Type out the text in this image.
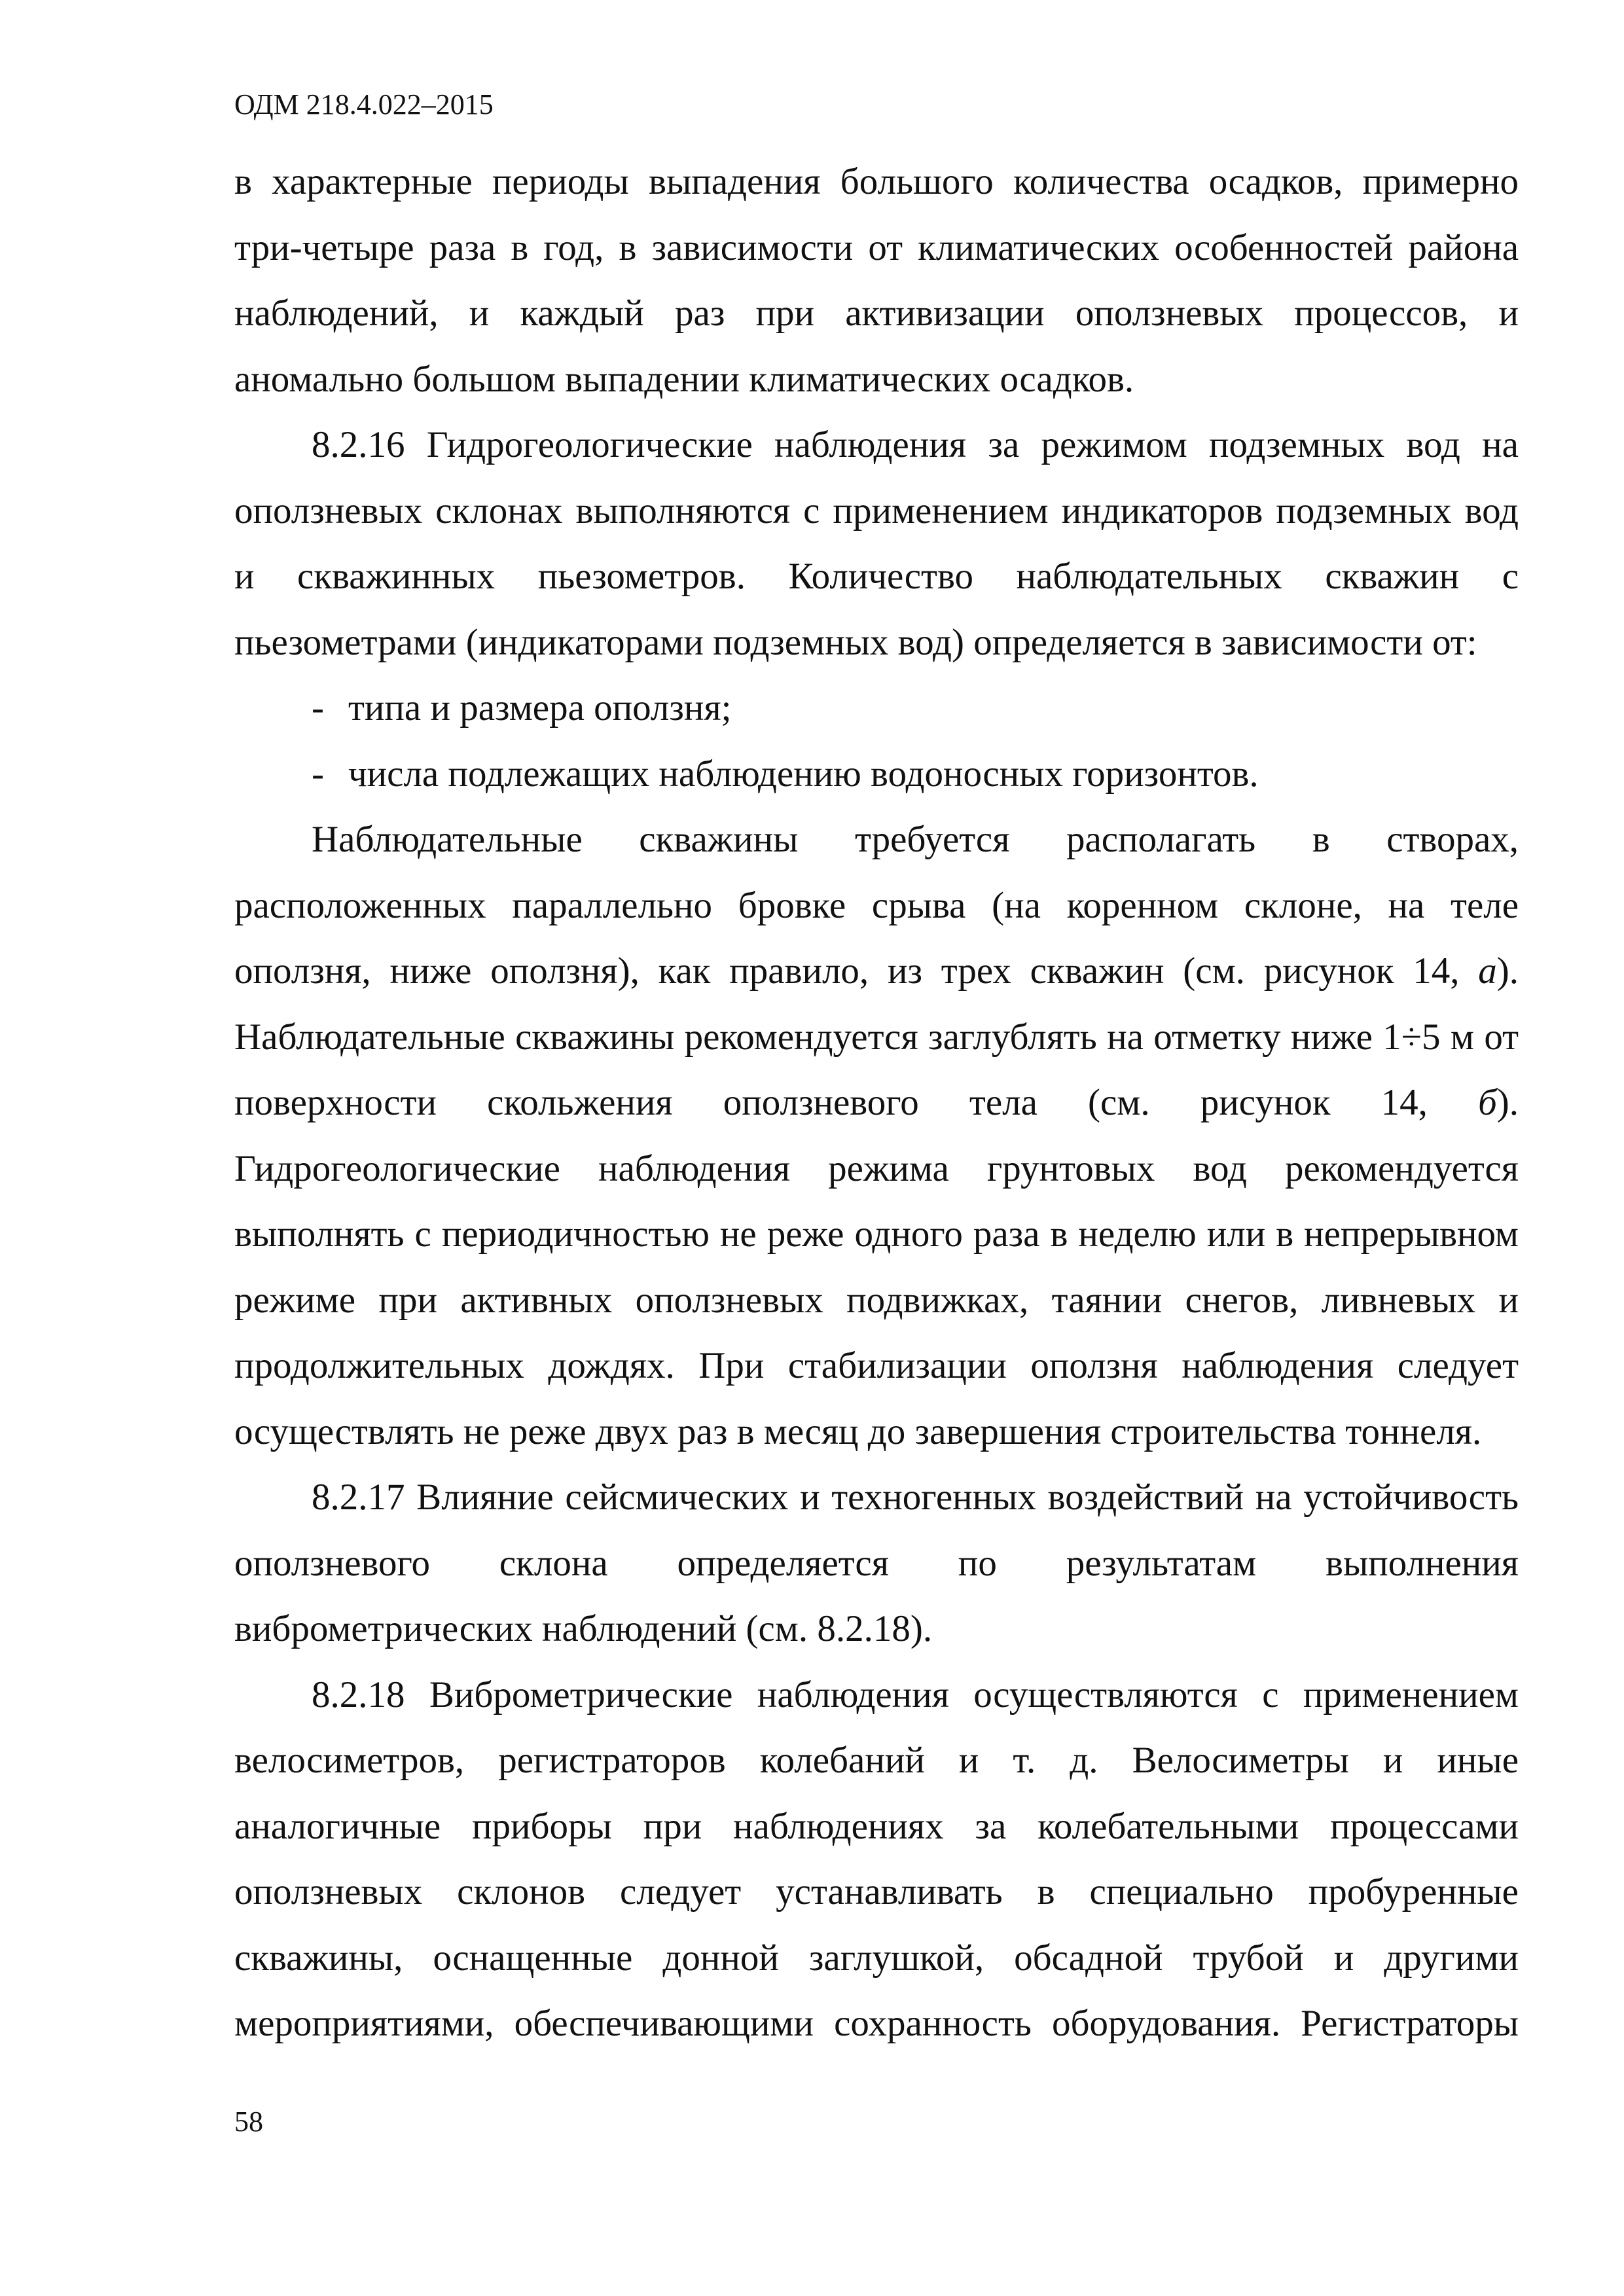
ОДМ 218.4.022–2015

в характерные периоды выпадения большого количества осадков, примерно три-четыре раза в год, в зависимости от климатических особенностей района наблюдений, и каждый раз при активизации оползневых процессов, и аномально большом выпадении климатических осадков.

8.2.16 Гидрогеологические наблюдения за режимом подземных вод на оползневых склонах выполняются с применением индикаторов подземных вод и скважинных пьезометров. Количество наблюдательных скважин с пьезометрами (индикаторами подземных вод) определяется в зависимости от:

- типа и размера оползня;
- числа подлежащих наблюдению водоносных горизонтов.

Наблюдательные скважины требуется располагать в створах, расположенных параллельно бровке срыва (на коренном склоне, на теле оползня, ниже оползня), как правило, из трех скважин (см. рисунок 14, а). Наблюдательные скважины рекомендуется заглублять на отметку ниже 1÷5 м от поверхности скольжения оползневого тела (см. рисунок 14, б). Гидрогеологические наблюдения режима грунтовых вод рекомендуется выполнять с периодичностью не реже одного раза в неделю или в непрерывном режиме при активных оползневых подвижках, таянии снегов, ливневых и продолжительных дождях. При стабилизации оползня наблюдения следует осуществлять не реже двух раз в месяц до завершения строительства тоннеля.

8.2.17 Влияние сейсмических и техногенных воздействий на устойчивость оползневого склона определяется по результатам выполнения виброметрических наблюдений (см. 8.2.18).

8.2.18 Виброметрические наблюдения осуществляются с применением велосиметров, регистраторов колебаний и т. д. Велосиметры и иные аналогичные приборы при наблюдениях за колебательными процессами оползневых склонов следует устанавливать в специально пробуренные скважины, оснащенные донной заглушкой, обсадной трубой и другими мероприятиями, обеспечивающими сохранность оборудования. Регистраторы

58
